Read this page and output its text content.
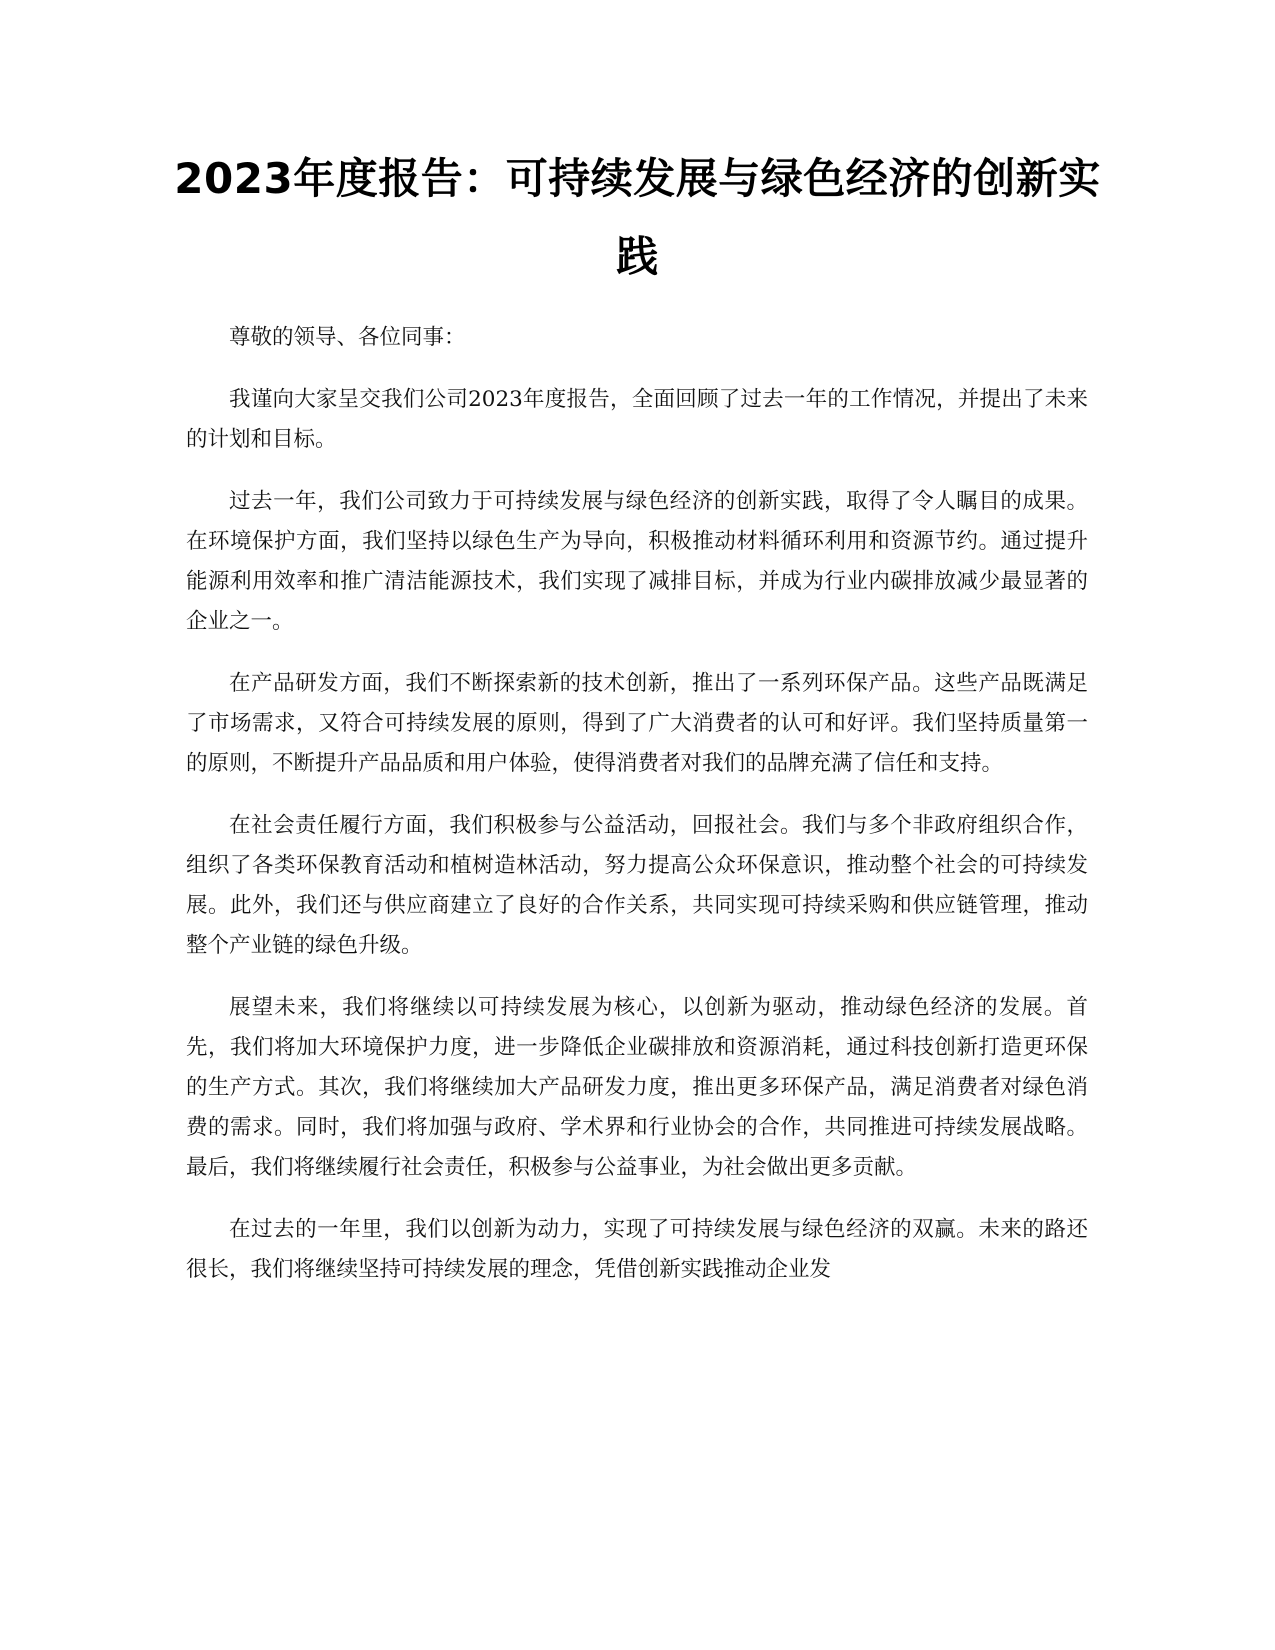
2023年度报告：可持续发展与绿色经济的创新实践

尊敬的领导、各位同事：

我谨向大家呈交我们公司2023年度报告，全面回顾了过去一年的工作情况，并提出了未来的计划和目标。

过去一年，我们公司致力于可持续发展与绿色经济的创新实践，取得了令人瞩目的成果。在环境保护方面，我们坚持以绿色生产为导向，积极推动材料循环利用和资源节约。通过提升能源利用效率和推广清洁能源技术，我们实现了减排目标，并成为行业内碳排放减少最显著的企业之一。

在产品研发方面，我们不断探索新的技术创新，推出了一系列环保产品。这些产品既满足了市场需求，又符合可持续发展的原则，得到了广大消费者的认可和好评。我们坚持质量第一的原则，不断提升产品品质和用户体验，使得消费者对我们的品牌充满了信任和支持。

在社会责任履行方面，我们积极参与公益活动，回报社会。我们与多个非政府组织合作，组织了各类环保教育活动和植树造林活动，努力提高公众环保意识，推动整个社会的可持续发展。此外，我们还与供应商建立了良好的合作关系，共同实现可持续采购和供应链管理，推动整个产业链的绿色升级。

展望未来，我们将继续以可持续发展为核心，以创新为驱动，推动绿色经济的发展。首先，我们将加大环境保护力度，进一步降低企业碳排放和资源消耗，通过科技创新打造更环保的生产方式。其次，我们将继续加大产品研发力度，推出更多环保产品，满足消费者对绿色消费的需求。同时，我们将加强与政府、学术界和行业协会的合作，共同推进可持续发展战略。最后，我们将继续履行社会责任，积极参与公益事业，为社会做出更多贡献。

在过去的一年里，我们以创新为动力，实现了可持续发展与绿色经济的双赢。未来的路还很长，我们将继续坚持可持续发展的理念，凭借创新实践推动企业发
